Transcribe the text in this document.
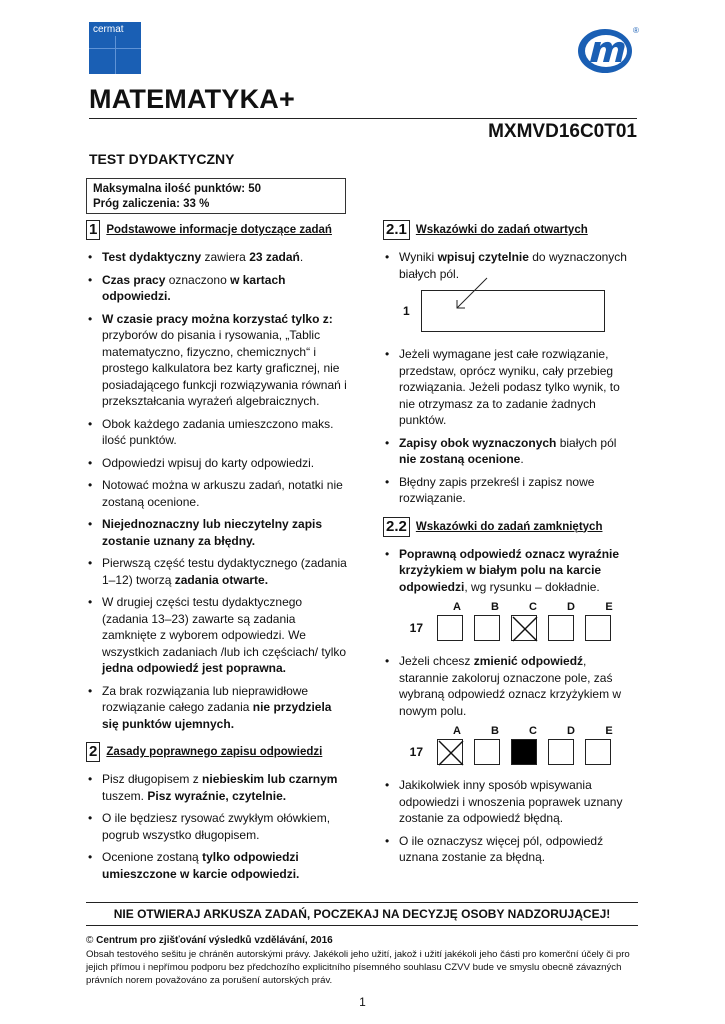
cermat	®
MATEMATYKA+
MXMVD16C0T01
TEST DYDAKTYCZNY
Maksymalna ilość punktów: 50
Próg zaliczenia: 33 %
1 Podstawowe informacje dotyczące zadań
• Test dydaktyczny zawiera 23 zadań.
• Czas pracy oznaczono w kartach odpowiedzi.
• W czasie pracy można korzystać tylko z: przyborów do pisania i rysowania, „Tablic matematyczno, fizyczno, chemicznych“ i prostego kalkulatora bez karty graficznej, nie posiadającego funkcji rozwiązywania równań i przekształcania wyrażeń algebraicznych.
• Obok każdego zadania umieszczono maks. ilość punktów.
• Odpowiedzi wpisuj do karty odpowiedzi.
• Notować można w arkuszu zadań, notatki nie zostaną ocenione.
• Niejednoznaczny lub nieczytelny zapis zostanie uznany za błędny.
• Pierwszą część testu dydaktycznego (zadania 1–12) tworzą zadania otwarte.
• W drugiej części testu dydaktycznego (zadania 13–23) zawarte są zadania zamknięte z wyborem odpowiedzi. We wszystkich zadaniach /lub ich częściach/ tylko jedna odpowiedź jest poprawna.
• Za brak rozwiązania lub nieprawidłowe rozwiązanie całego zadania nie przydziela się punktów ujemnych.
2 Zasady poprawnego zapisu odpowiedzi
• Pisz długopisem z niebieskim lub czarnym tuszem. Pisz wyraźnie, czytelnie.
• O ile będziesz rysować zwykłym ołówkiem, pogrub wszystko długopisem.
• Ocenione zostaną tylko odpowiedzi umieszczone w karcie odpowiedzi.
2.1 Wskazówki do zadań otwartych
• Wyniki wpisuj czytelnie do wyznaczonych białych pól.
1
• Jeżeli wymagane jest całe rozwiązanie, przedstaw, oprócz wyniku, cały przebieg rozwiązania. Jeżeli podasz tylko wynik, to nie otrzymasz za to zadanie żadnych punktów.
• Zapisy obok wyznaczonych białych pól nie zostaną ocenione.
• Błędny zapis przekreśl i zapisz nowe rozwiązanie.
2.2 Wskazówki do zadań zamkniętych
• Poprawną odpowiedź oznacz wyraźnie krzyżykiem w białym polu na karcie odpowiedzi, wg rysunku – dokładnie.
A	B	C	D	E
17
• Jeżeli chcesz zmienić odpowiedź, starannie zakoloruj oznaczone pole, zaś wybraną odpowiedź oznacz krzyżykiem w nowym polu.
A	B	C	D	E
17
• Jakikolwiek inny sposób wpisywania odpowiedzi i wnoszenia poprawek uznany zostanie za odpowiedź błędną.
• O ile oznaczysz więcej pól, odpowiedź uznana zostanie za błędną.
NIE OTWIERAJ ARKUSZA ZADAŃ, POCZEKAJ NA DECYZJĘ OSOBY NADZORUJĄCEJ!
© Centrum pro zjišťování výsledků vzdělávání, 2016
Obsah testového sešitu je chráněn autorskými právy. Jakékoli jeho užití, jakož i užití jakékoli jeho části pro komerční účely či pro jejich přímou i nepřímou podporu bez předchozího explicitního písemného souhlasu CZVV bude ve smyslu obecně závazných právních norem považováno za porušení autorských práv.
1
